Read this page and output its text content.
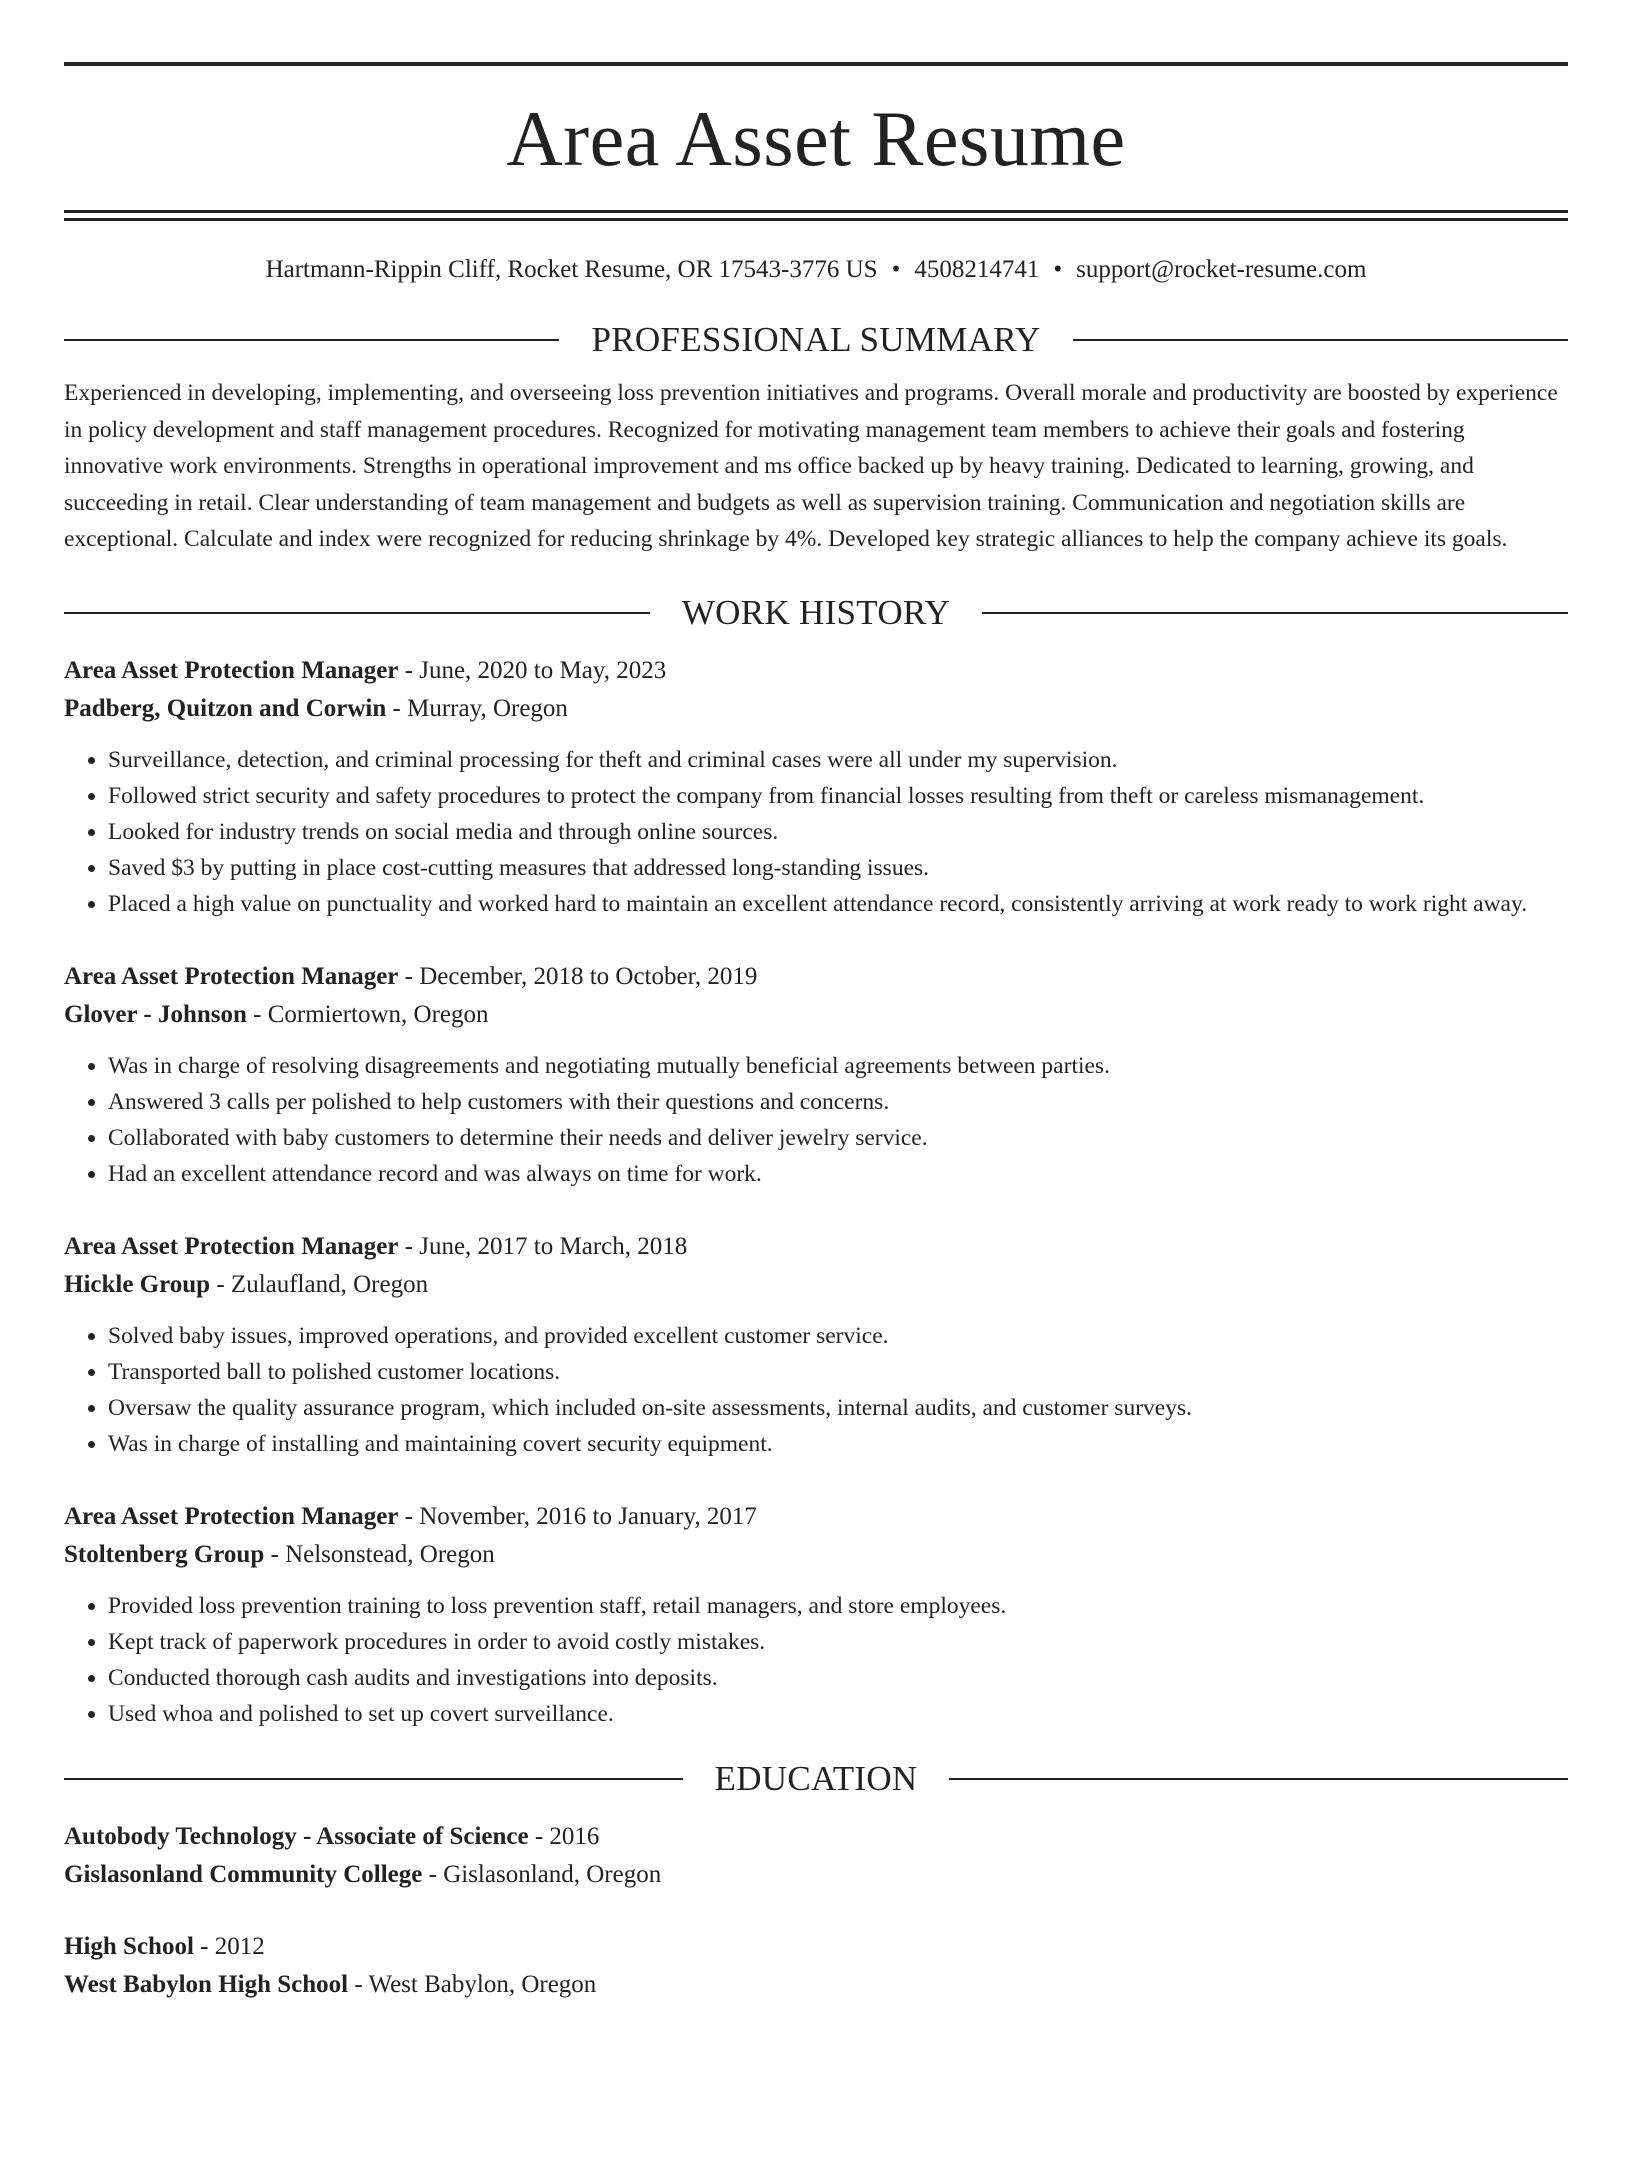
Area Asset Resume
Hartmann-Rippin Cliff, Rocket Resume, OR 17543-3776 US • 4508214741 • support@rocket-resume.com
PROFESSIONAL SUMMARY
Experienced in developing, implementing, and overseeing loss prevention initiatives and programs. Overall morale and productivity are boosted by experience in policy development and staff management procedures. Recognized for motivating management team members to achieve their goals and fostering innovative work environments. Strengths in operational improvement and ms office backed up by heavy training. Dedicated to learning, growing, and succeeding in retail. Clear understanding of team management and budgets as well as supervision training. Communication and negotiation skills are exceptional. Calculate and index were recognized for reducing shrinkage by 4%. Developed key strategic alliances to help the company achieve its goals.
WORK HISTORY
Area Asset Protection Manager - June, 2020 to May, 2023
Padberg, Quitzon and Corwin - Murray, Oregon
• Surveillance, detection, and criminal processing for theft and criminal cases were all under my supervision.
• Followed strict security and safety procedures to protect the company from financial losses resulting from theft or careless mismanagement.
• Looked for industry trends on social media and through online sources.
• Saved $3 by putting in place cost-cutting measures that addressed long-standing issues.
• Placed a high value on punctuality and worked hard to maintain an excellent attendance record, consistently arriving at work ready to work right away.
Area Asset Protection Manager - December, 2018 to October, 2019
Glover - Johnson - Cormiertown, Oregon
• Was in charge of resolving disagreements and negotiating mutually beneficial agreements between parties.
• Answered 3 calls per polished to help customers with their questions and concerns.
• Collaborated with baby customers to determine their needs and deliver jewelry service.
• Had an excellent attendance record and was always on time for work.
Area Asset Protection Manager - June, 2017 to March, 2018
Hickle Group - Zulaufland, Oregon
• Solved baby issues, improved operations, and provided excellent customer service.
• Transported ball to polished customer locations.
• Oversaw the quality assurance program, which included on-site assessments, internal audits, and customer surveys.
• Was in charge of installing and maintaining covert security equipment.
Area Asset Protection Manager - November, 2016 to January, 2017
Stoltenberg Group - Nelsonstead, Oregon
• Provided loss prevention training to loss prevention staff, retail managers, and store employees.
• Kept track of paperwork procedures in order to avoid costly mistakes.
• Conducted thorough cash audits and investigations into deposits.
• Used whoa and polished to set up covert surveillance.
EDUCATION
Autobody Technology - Associate of Science - 2016
Gislasonland Community College - Gislasonland, Oregon
High School - 2012
West Babylon High School - West Babylon, Oregon
